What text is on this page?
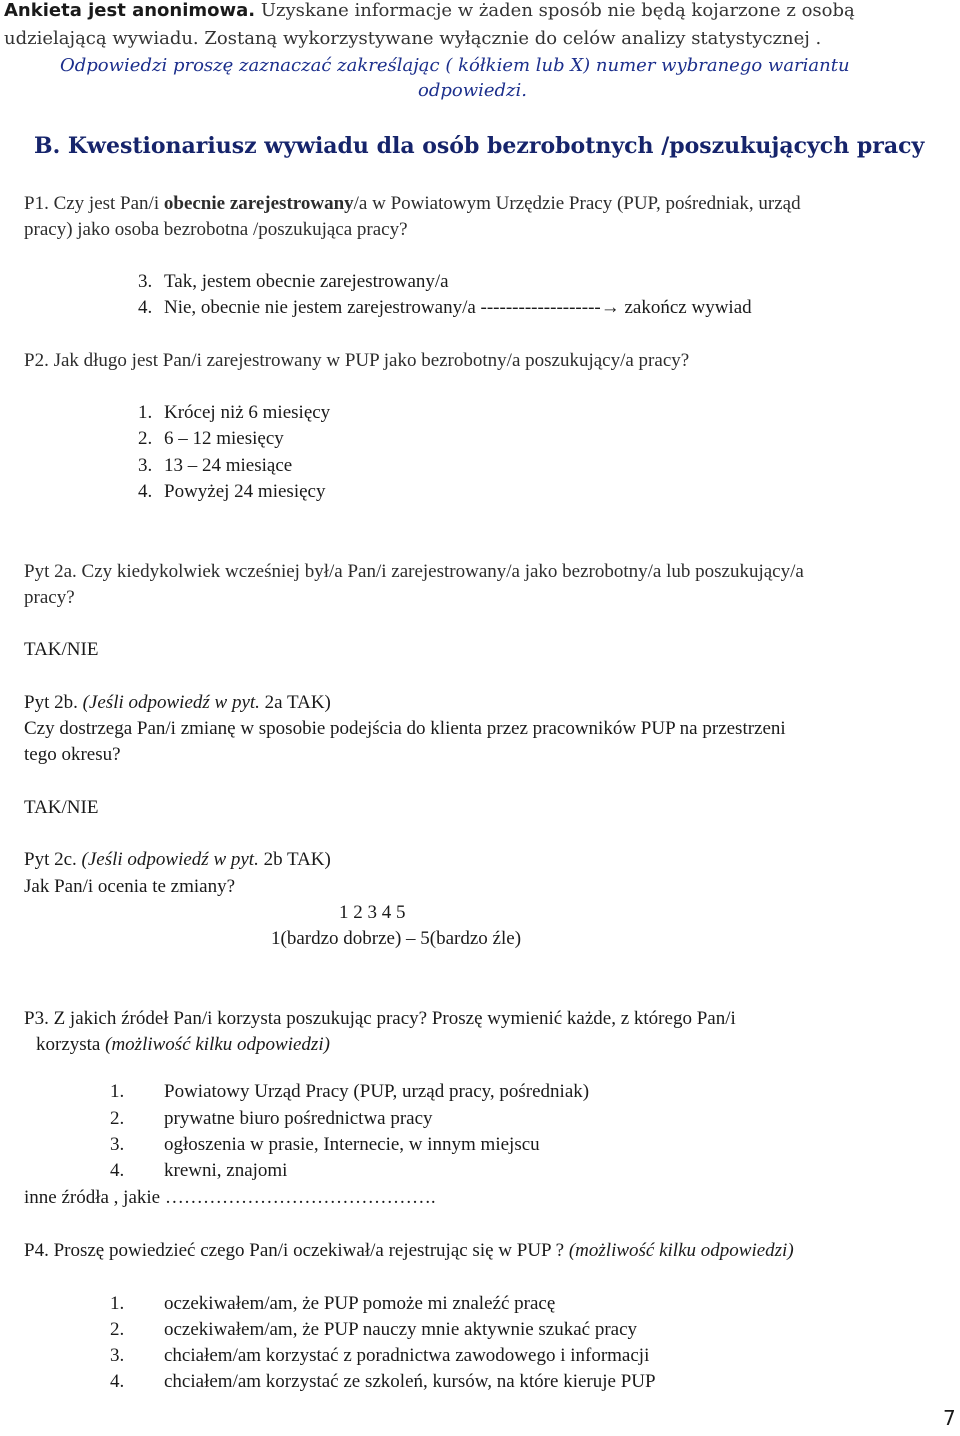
Ankieta jest anonimowa. Uzyskane informacje w żaden sposób nie będą kojarzone z osobą
udzielającą wywiadu. Zostaną wykorzystywane wyłącznie do celów analizy statystycznej .
Odpowiedzi proszę zaznaczać zakreślając ( kółkiem lub X) numer wybranego wariantu
odpowiedzi.
B. Kwestionariusz wywiadu dla osób bezrobotnych /poszukujących pracy
P1. Czy jest Pan/i obecnie zarejestrowany/a w Powiatowym Urzędzie Pracy (PUP, pośredniak, urząd
pracy) jako osoba bezrobotna /poszukująca pracy?
3. Tak, jestem obecnie zarejestrowany/a
4. Nie, obecnie nie jestem zarejestrowany/a -------------------→ zakończ wywiad
P2. Jak długo jest Pan/i zarejestrowany w PUP jako bezrobotny/a poszukujący/a pracy?
1. Krócej niż 6 miesięcy
2. 6 – 12 miesięcy
3. 13 – 24 miesiące
4. Powyżej 24 miesięcy
Pyt 2a. Czy kiedykolwiek wcześniej był/a Pan/i zarejestrowany/a jako bezrobotny/a lub poszukujący/a
pracy?
TAK/NIE
Pyt 2b. (Jeśli odpowiedź w pyt. 2a TAK)
Czy dostrzega Pan/i zmianę w sposobie podejścia do klienta przez pracowników PUP na przestrzeni
tego okresu?
TAK/NIE
Pyt 2c. (Jeśli odpowiedź w pyt. 2b TAK)
Jak Pan/i ocenia te zmiany?
1 2 3 4 5
1(bardzo dobrze) – 5(bardzo źle)
P3. Z jakich źródeł Pan/i korzysta poszukując pracy? Proszę wymienić każde, z którego Pan/i
korzysta (możliwość kilku odpowiedzi)
1. Powiatowy Urząd Pracy (PUP, urząd pracy, pośredniak)
2. prywatne biuro pośrednictwa pracy
3. ogłoszenia w prasie, Internecie, w innym miejscu
4. krewni, znajomi
inne źródła , jakie …………………………………….
P4. Proszę powiedzieć czego Pan/i oczekiwał/a rejestrując się w PUP ? (możliwość kilku odpowiedzi)
1. oczekiwałem/am, że PUP pomoże mi znaleźć pracę
2. oczekiwałem/am, że PUP nauczy mnie aktywnie szukać pracy
3. chciałem/am korzystać z poradnictwa zawodowego i informacji
4. chciałem/am korzystać ze szkoleń, kursów, na które kieruje PUP
7
